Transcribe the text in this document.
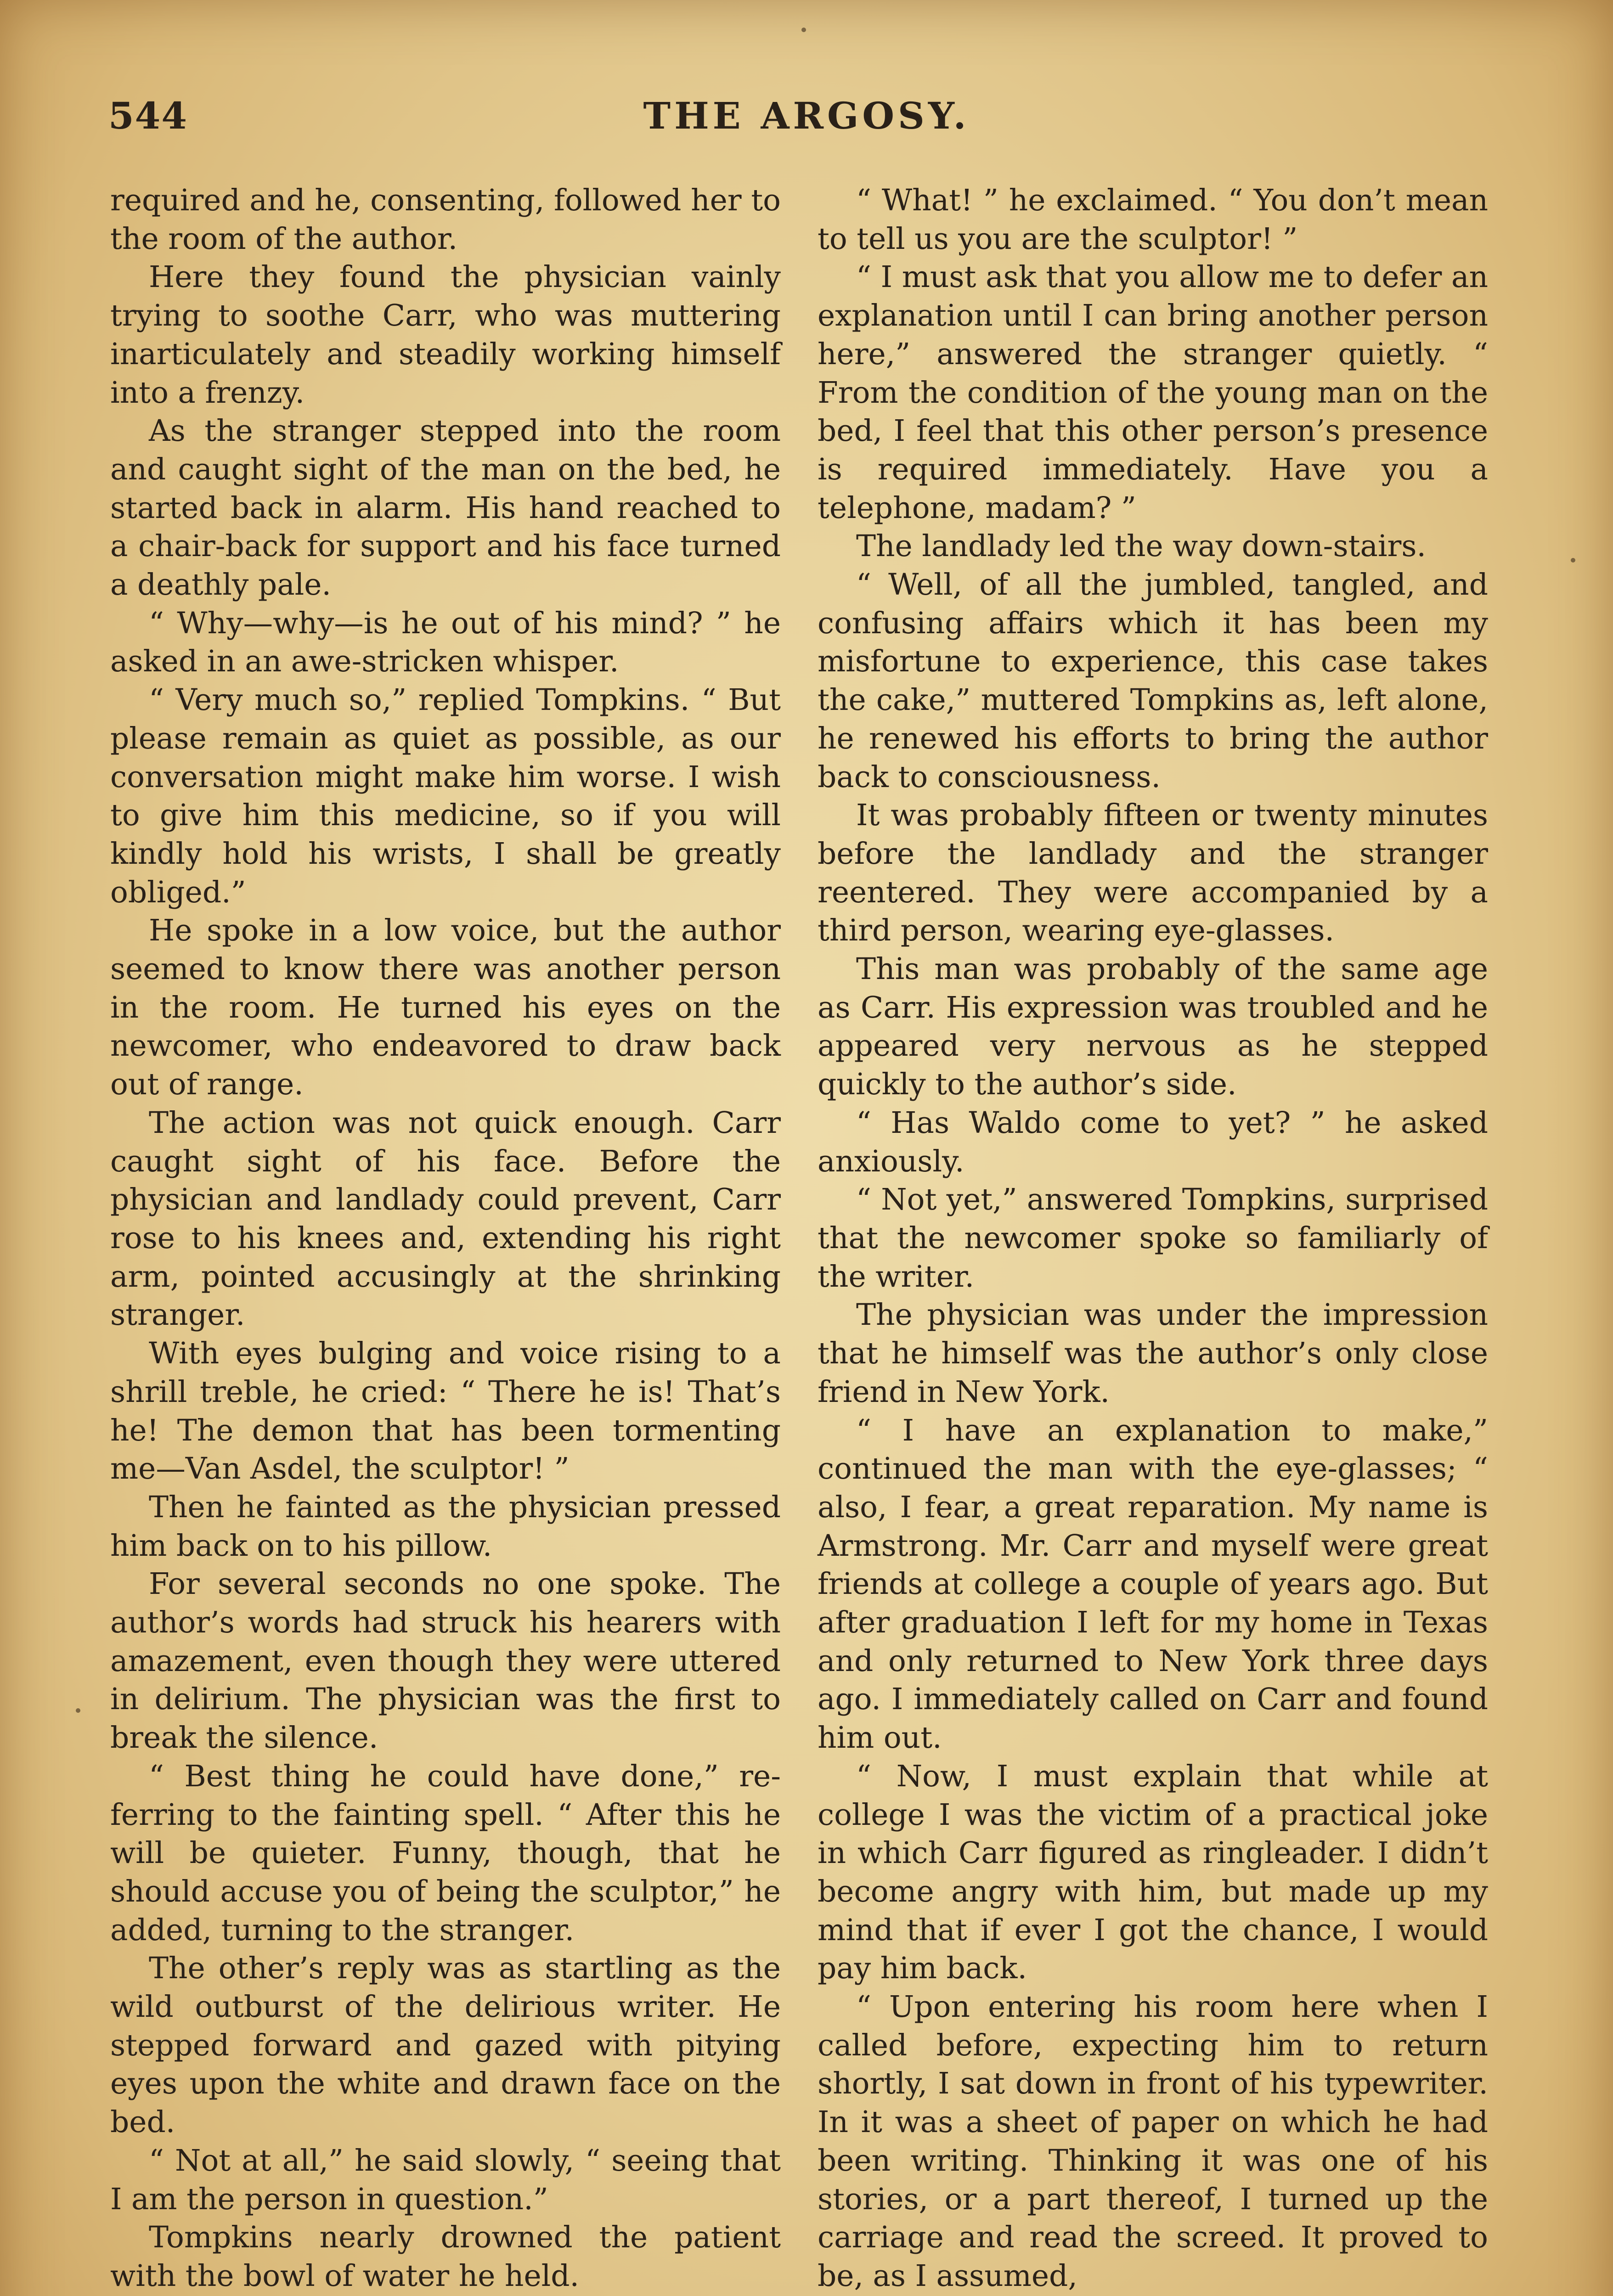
544	THE ARGOSY.

required and he, consenting, followed her to the room of the author.

Here they found the physician vainly trying to soothe Carr, who was muttering inarticulately and steadily working himself into a frenzy.

As the stranger stepped into the room and caught sight of the man on the bed, he started back in alarm. His hand reached to a chair-back for support and his face turned a deathly pale.

“ Why—why—is he out of his mind? ” he asked in an awe-stricken whisper.

“ Very much so,” replied Tompkins. “ But please remain as quiet as possible, as our conversation might make him worse. I wish to give him this medicine, so if you will kindly hold his wrists, I shall be greatly obliged.”

He spoke in a low voice, but the author seemed to know there was another person in the room. He turned his eyes on the newcomer, who endeavored to draw back out of range.

The action was not quick enough. Carr caught sight of his face. Before the physician and landlady could prevent, Carr rose to his knees and, extending his right arm, pointed accusingly at the shrinking stranger.

With eyes bulging and voice rising to a shrill treble, he cried: “ There he is! That’s he! The demon that has been tormenting me—Van Asdel, the sculptor! ”

Then he fainted as the physician pressed him back on to his pillow.

For several seconds no one spoke. The author’s words had struck his hearers with amazement, even though they were uttered in delirium. The physician was the first to break the silence.

“ Best thing he could have done,” referring to the fainting spell. “ After this he will be quieter. Funny, though, that he should accuse you of being the sculptor,” he added, turning to the stranger.

The other’s reply was as startling as the wild outburst of the delirious writer. He stepped forward and gazed with pitying eyes upon the white and drawn face on the bed.

“ Not at all,” he said slowly, “ seeing that I am the person in question.”

Tompkins nearly drowned the patient with the bowl of water he held.

“ What! ” he exclaimed. “ You don’t mean to tell us you are the sculptor! ”

“ I must ask that you allow me to defer an explanation until I can bring another person here,” answered the stranger quietly. “ From the condition of the young man on the bed, I feel that this other person’s presence is required immediately. Have you a telephone, madam? ”

The landlady led the way down-stairs.

“ Well, of all the jumbled, tangled, and confusing affairs which it has been my misfortune to experience, this case takes the cake,” muttered Tompkins as, left alone, he renewed his efforts to bring the author back to consciousness.

It was probably fifteen or twenty minutes before the landlady and the stranger reentered. They were accompanied by a third person, wearing eye-glasses.

This man was probably of the same age as Carr. His expression was troubled and he appeared very nervous as he stepped quickly to the author’s side.

“ Has Waldo come to yet? ” he asked anxiously.

“ Not yet,” answered Tompkins, surprised that the newcomer spoke so familiarly of the writer.

The physician was under the impression that he himself was the author’s only close friend in New York.

“ I have an explanation to make,” continued the man with the eye-glasses; “ also, I fear, a great reparation. My name is Armstrong. Mr. Carr and myself were great friends at college a couple of years ago. But after graduation I left for my home in Texas and only returned to New York three days ago. I immediately called on Carr and found him out.

“ Now, I must explain that while at college I was the victim of a practical joke in which Carr figured as ringleader. I didn’t become angry with him, but made up my mind that if ever I got the chance, I would pay him back.

“ Upon entering his room here when I called before, expecting him to return shortly, I sat down in front of his typewriter. In it was a sheet of paper on which he had been writing. Thinking it was one of his stories, or a part thereof, I turned up the carriage and read the screed. It proved to be, as I assumed,
